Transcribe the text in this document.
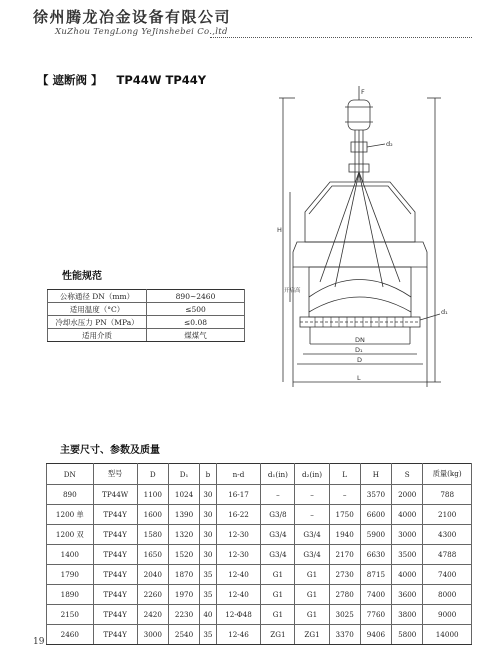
徐州腾龙冶金设备有限公司
XuZhou TengLong YeJinshebei Co.,ltd
【 遮断阀 】 TP44W TP44Y
F
d₂
H
开启高
d₁
DN
D₁
D
L
性能规范
公称通径 DN（mm）	890~2460
适用温度（°C）	≤500
冷却水压力 PN（MPa）	≤0.08
适用介质	煤煤气
主要尺寸、参数及质量
DN	型号	D	D₁	b	n-d	d₁(in)	d₂(in)	L	H	S	质量(kg)
890	TP44W	1100	1024	30	16-17	–	–	–	3570	2000	788
1200 单	TP44Y	1600	1390	30	16-22	G3/8	–	1750	6600	4000	2100
1200 双	TP44Y	1580	1320	30	12-30	G3/4	G3/4	1940	5900	3000	4300
1400	TP44Y	1650	1520	30	12-30	G3/4	G3/4	2170	6630	3500	4788
1790	TP44Y	2040	1870	35	12-40	G1	G1	2730	8715	4000	7400
1890	TP44Y	2260	1970	35	12-40	G1	G1	2780	7400	3600	8000
2150	TP44Y	2420	2230	40	12-Φ48	G1	G1	3025	7760	3800	9000
2460	TP44Y	3000	2540	35	12-46	ZG1	ZG1	3370	9406	5800	14000
19
